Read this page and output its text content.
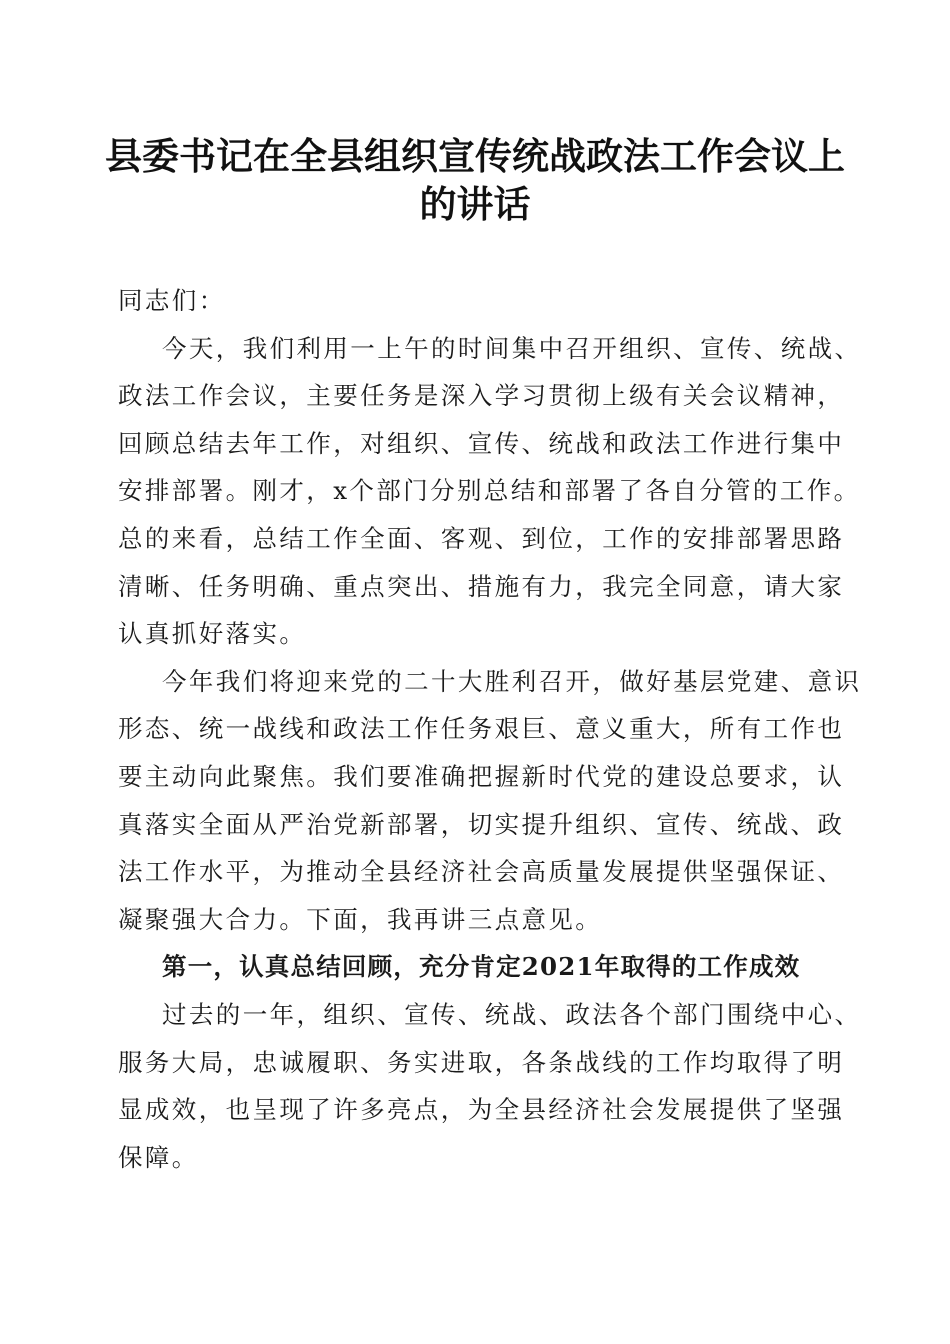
县委书记在全县组织宣传统战政法工作会议上
的讲话
同志们：
今天，我们利用一上午的时间集中召开组织、宣传、统战、
政法工作会议，主要任务是深入学习贯彻上级有关会议精神，
回顾总结去年工作，对组织、宣传、统战和政法工作进行集中
安排部署。刚才，x个部门分别总结和部署了各自分管的工作。
总的来看，总结工作全面、客观、到位，工作的安排部署思路
清晰、任务明确、重点突出、措施有力，我完全同意，请大家
认真抓好落实。
今年我们将迎来党的二十大胜利召开，做好基层党建、意识
形态、统一战线和政法工作任务艰巨、意义重大，所有工作也
要主动向此聚焦。我们要准确把握新时代党的建设总要求，认
真落实全面从严治党新部署，切实提升组织、宣传、统战、政
法工作水平，为推动全县经济社会高质量发展提供坚强保证、
凝聚强大合力。下面，我再讲三点意见。
第一，认真总结回顾，充分肯定2021年取得的工作成效
过去的一年，组织、宣传、统战、政法各个部门围绕中心、
服务大局，忠诚履职、务实进取，各条战线的工作均取得了明
显成效，也呈现了许多亮点，为全县经济社会发展提供了坚强
保障。
